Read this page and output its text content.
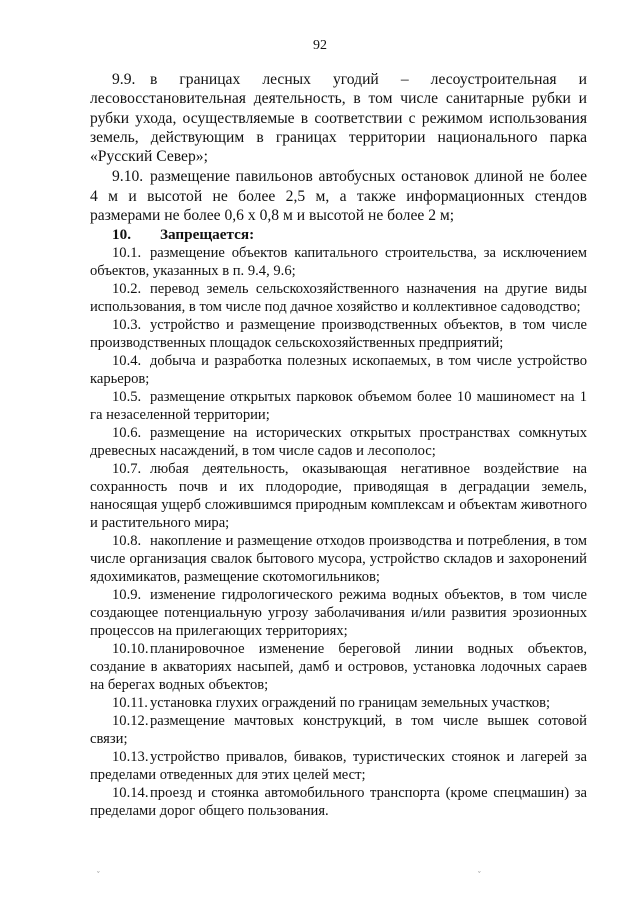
92

9.9. в границах лесных угодий – лесоустроительная и лесовосстановительная деятельность, в том числе санитарные рубки и рубки ухода, осуществляемые в соответствии с режимом использования земель, действующим в границах территории национального парка «Русский Север»;

9.10. размещение павильонов автобусных остановок длиной не более 4 м и высотой не более 2,5 м, а также информационных стендов размерами не более 0,6 х 0,8 м и высотой не более 2 м;

10. Запрещается:

10.1. размещение объектов капитального строительства, за исключением объектов, указанных в п. 9.4, 9.6;

10.2. перевод земель сельскохозяйственного назначения на другие виды использования, в том числе под дачное хозяйство и коллективное садоводство;

10.3. устройство и размещение производственных объектов, в том числе производственных площадок сельскохозяйственных предприятий;

10.4. добыча и разработка полезных ископаемых, в том числе устройство карьеров;

10.5. размещение открытых парковок объемом более 10 машиномест на 1 га незаселенной территории;

10.6. размещение на исторических открытых пространствах сомкнутых древесных насаждений, в том числе садов и лесополос;

10.7. любая деятельность, оказывающая негативное воздействие на сохранность почв и их плодородие, приводящая в деградации земель, наносящая ущерб сложившимся природным комплексам и объектам животного и растительного мира;

10.8. накопление и размещение отходов производства и потребления, в том числе организация свалок бытового мусора, устройство складов и захоронений ядохимикатов, размещение скотомогильников;

10.9. изменение гидрологического режима водных объектов, в том числе создающее потенциальную угрозу заболачивания и/или развития эрозионных процессов на прилегающих территориях;

10.10. планировочное изменение береговой линии водных объектов, создание в акваториях насыпей, дамб и островов, установка лодочных сараев на берегах водных объектов;

10.11. установка глухих ограждений по границам земельных участков;

10.12. размещение мачтовых конструкций, в том числе вышек сотовой связи;

10.13. устройство привалов, биваков, туристических стоянок и лагерей за пределами отведенных для этих целей мест;

10.14. проезд и стоянка автомобильного транспорта (кроме спецмашин) за пределами дорог общего пользования.

ˇ	ˇ
